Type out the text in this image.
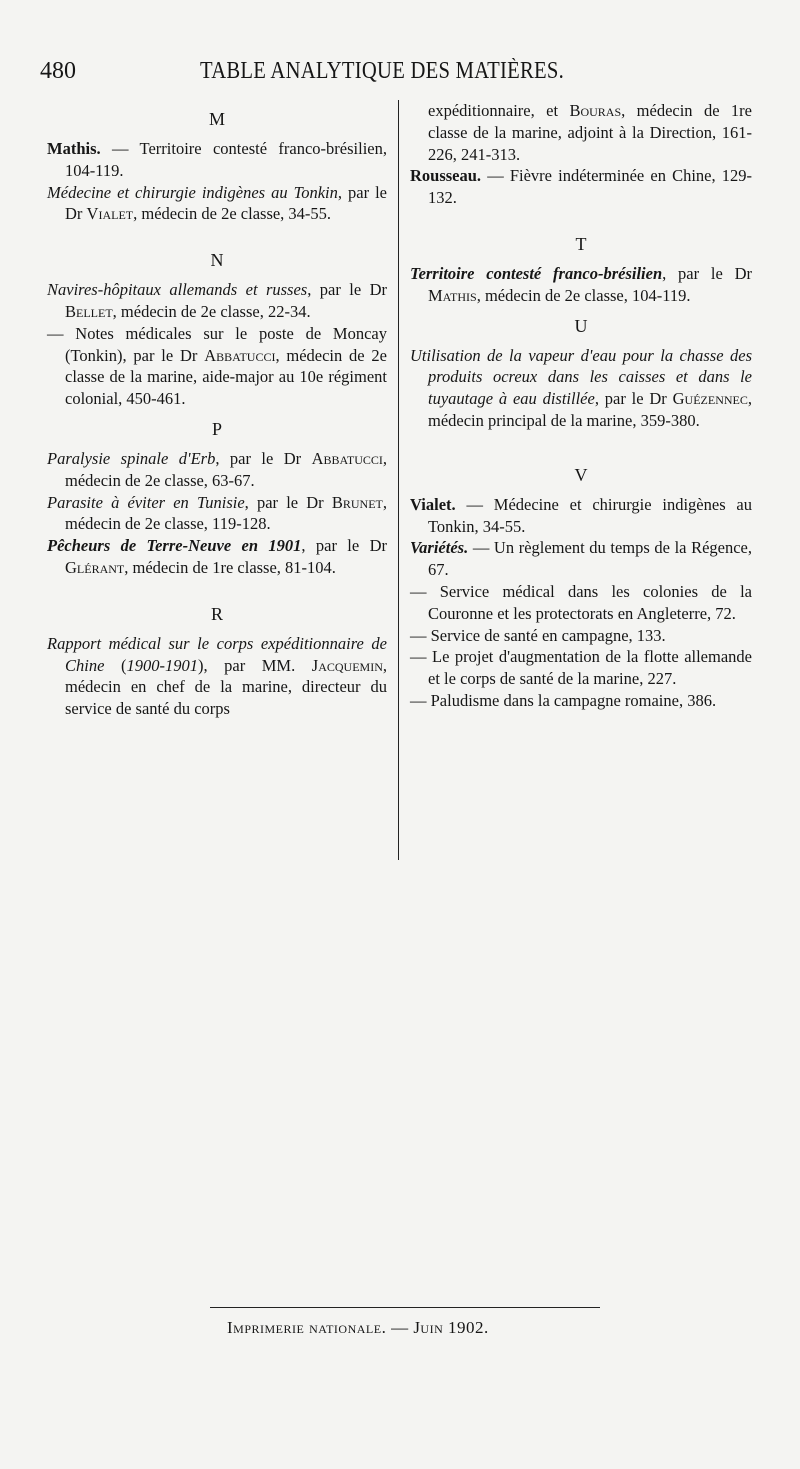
480	TABLE ANALYTIQUE DES MATIÈRES.
M
Mathis. — Territoire contesté franco-brésilien, 104-119.
Médecine et chirurgie indigènes au Tonkin, par le Dr Vialet, médecin de 2e classe, 34-55.
N
Navires-hôpitaux allemands et russes, par le Dr Bellet, médecin de 2e classe, 22-34.
— Notes médicales sur le poste de Moncay (Tonkin), par le Dr Abbatucci, médecin de 2e classe de la marine, aide-major au 10e régiment colonial, 450-461.
P
Paralysie spinale d'Erb, par le Dr Abbatucci, médecin de 2e classe, 63-67.
Parasite à éviter en Tunisie, par le Dr Brunet, médecin de 2e classe, 119-128.
Pêcheurs de Terre-Neuve en 1901, par le Dr Glérant, médecin de 1re classe, 81-104.
R
Rapport médical sur le corps expéditionnaire de Chine (1900-1901), par MM. Jacquemin, médecin en chef de la marine, directeur du service de santé du corps
expéditionnaire, et Bouras, médecin de 1re classe de la marine, adjoint à la Direction, 161-226, 241-313.
Rousseau. — Fièvre indéterminée en Chine, 129-132.
T
Territoire contesté franco-brésilien, par le Dr Mathis, médecin de 2e classe, 104-119.
U
Utilisation de la vapeur d'eau pour la chasse des produits ocreux dans les caisses et dans le tuyautage à eau distillée, par le Dr Guézennec, médecin principal de la marine, 359-380.
V
Vialet. — Médecine et chirurgie indigènes au Tonkin, 34-55.
Variétés. — Un règlement du temps de la Régence, 67.
— Service médical dans les colonies de la Couronne et les protectorats en Angleterre, 72.
— Service de santé en campagne, 133.
— Le projet d'augmentation de la flotte allemande et le corps de santé de la marine, 227.
— Paludisme dans la campagne romaine, 386.
Imprimerie nationale. — Juin 1902.
